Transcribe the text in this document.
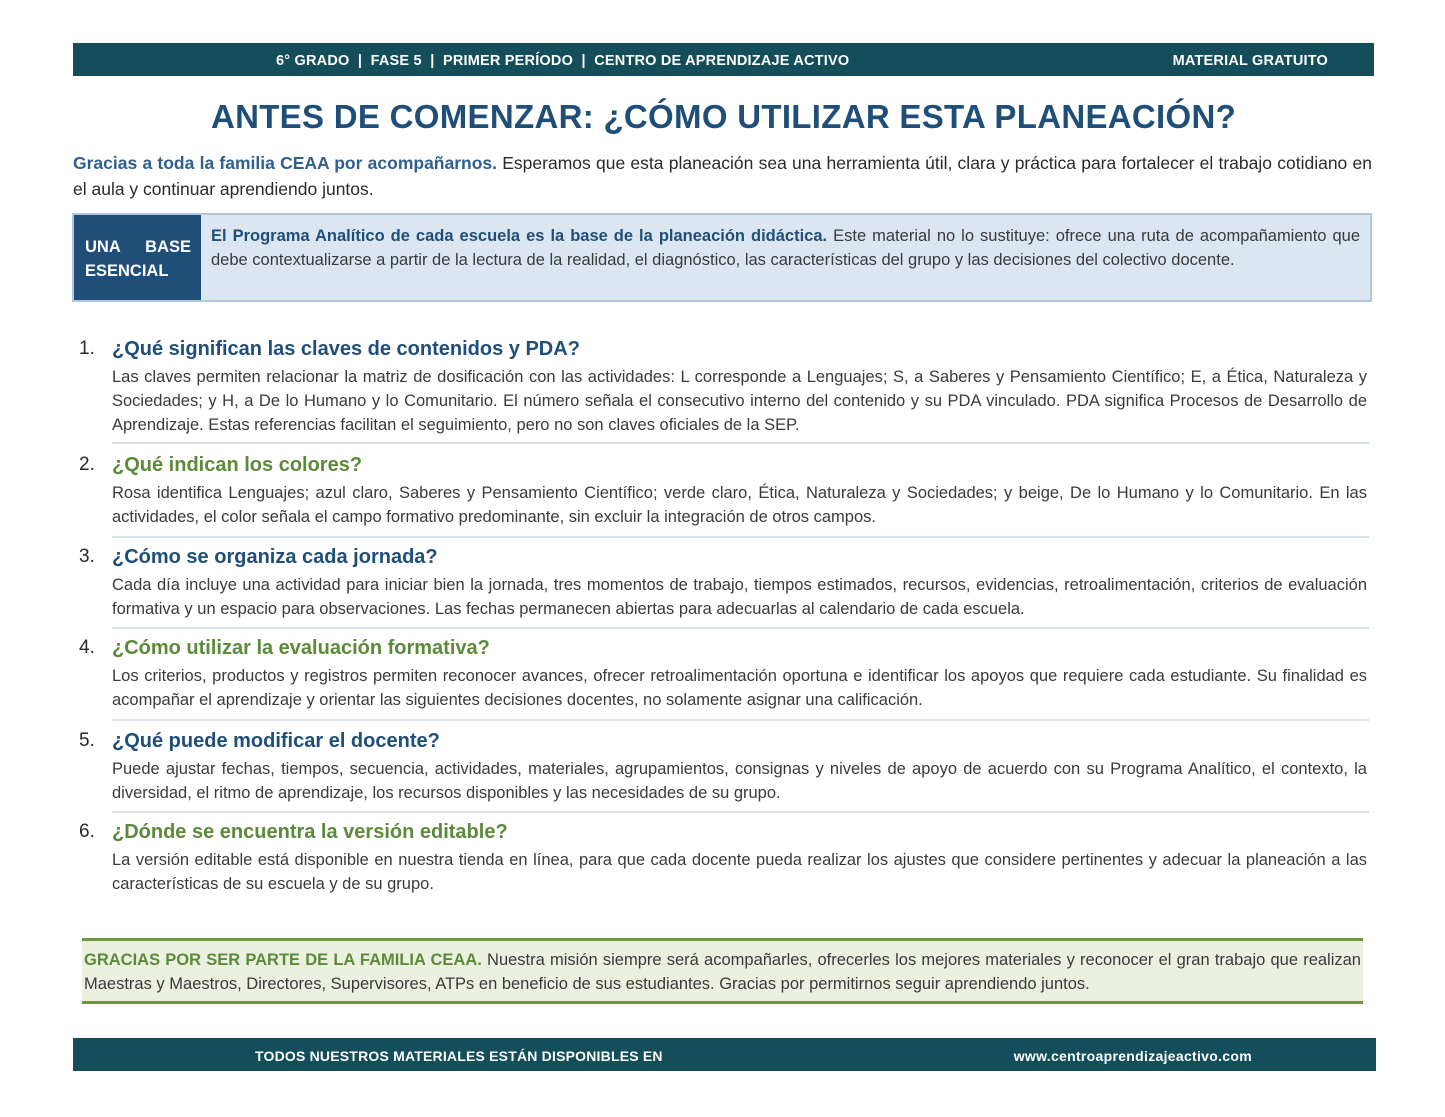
6° GRADO  |  FASE 5  |  PRIMER PERÍODO  |  CENTRO DE APRENDIZAJE ACTIVO	MATERIAL GRATUITO
ANTES DE COMENZAR: ¿CÓMO UTILIZAR ESTA PLANEACIÓN?
Gracias a toda la familia CEAA por acompañarnos. Esperamos que esta planeación sea una herramienta útil, clara y práctica para fortalecer el trabajo cotidiano en el aula y continuar aprendiendo juntos.
UNA BASE
ESENCIAL
El Programa Analítico de cada escuela es la base de la planeación didáctica. Este material no lo sustituye: ofrece una ruta de acompañamiento que debe contextualizarse a partir de la lectura de la realidad, el diagnóstico, las características del grupo y las decisiones del colectivo docente.
1. ¿Qué significan las claves de contenidos y PDA?
Las claves permiten relacionar la matriz de dosificación con las actividades: L corresponde a Lenguajes; S, a Saberes y Pensamiento Científico; E, a Ética, Naturaleza y Sociedades; y H, a De lo Humano y lo Comunitario. El número señala el consecutivo interno del contenido y su PDA vinculado. PDA significa Procesos de Desarrollo de Aprendizaje. Estas referencias facilitan el seguimiento, pero no son claves oficiales de la SEP.
2. ¿Qué indican los colores?
Rosa identifica Lenguajes; azul claro, Saberes y Pensamiento Científico; verde claro, Ética, Naturaleza y Sociedades; y beige, De lo Humano y lo Comunitario. En las actividades, el color señala el campo formativo predominante, sin excluir la integración de otros campos.
3. ¿Cómo se organiza cada jornada?
Cada día incluye una actividad para iniciar bien la jornada, tres momentos de trabajo, tiempos estimados, recursos, evidencias, retroalimentación, criterios de evaluación formativa y un espacio para observaciones. Las fechas permanecen abiertas para adecuarlas al calendario de cada escuela.
4. ¿Cómo utilizar la evaluación formativa?
Los criterios, productos y registros permiten reconocer avances, ofrecer retroalimentación oportuna e identificar los apoyos que requiere cada estudiante. Su finalidad es acompañar el aprendizaje y orientar las siguientes decisiones docentes, no solamente asignar una calificación.
5. ¿Qué puede modificar el docente?
Puede ajustar fechas, tiempos, secuencia, actividades, materiales, agrupamientos, consignas y niveles de apoyo de acuerdo con su Programa Analítico, el contexto, la diversidad, el ritmo de aprendizaje, los recursos disponibles y las necesidades de su grupo.
6. ¿Dónde se encuentra la versión editable?
La versión editable está disponible en nuestra tienda en línea, para que cada docente pueda realizar los ajustes que considere pertinentes y adecuar la planeación a las características de su escuela y de su grupo.
GRACIAS POR SER PARTE DE LA FAMILIA CEAA. Nuestra misión siempre será acompañarles, ofrecerles los mejores materiales y reconocer el gran trabajo que realizan Maestras y Maestros, Directores, Supervisores, ATPs en beneficio de sus estudiantes. Gracias por permitirnos seguir aprendiendo juntos.
TODOS NUESTROS MATERIALES ESTÁN DISPONIBLES EN	www.centroaprendizajeactivo.com
